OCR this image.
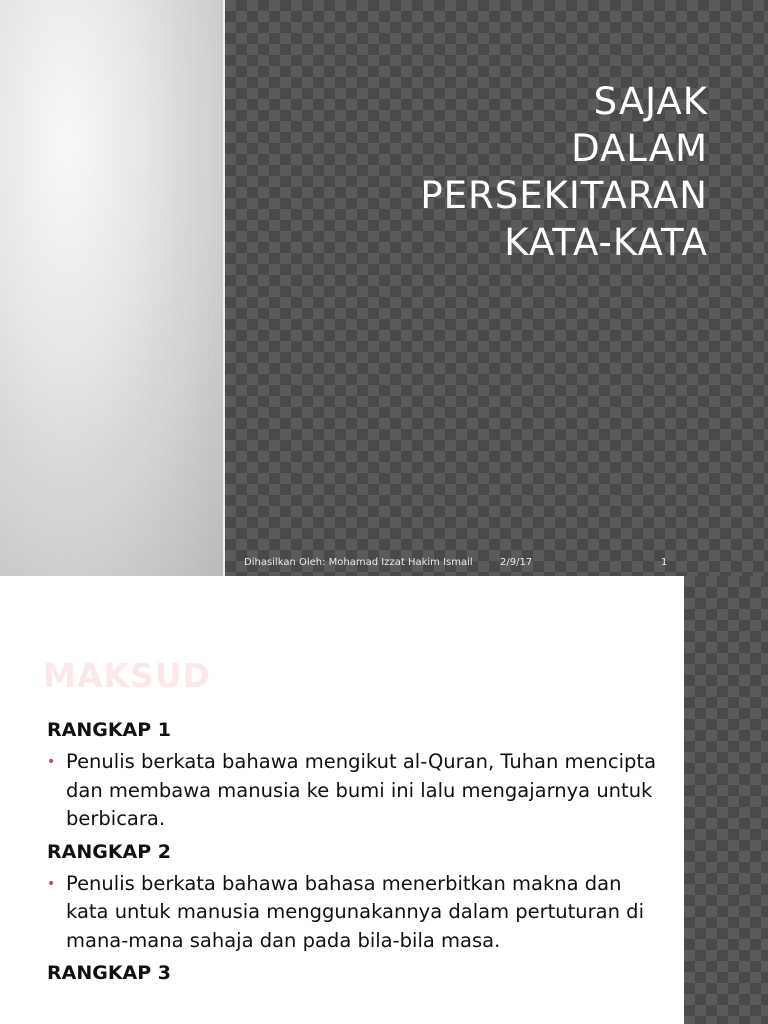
SAJAK
DALAM
PERSEKITARAN
KATA-KATA
Dihasilkan Oleh: Mohamad Izzat Hakim Ismail	2/9/17	1
MAKSUD

RANGKAP 1

• Penulis berkata bahawa mengikut al-Quran, Tuhan mencipta dan membawa manusia ke bumi ini lalu mengajarnya untuk berbicara.

RANGKAP 2

• Penulis berkata bahawa bahasa menerbitkan makna dan kata untuk manusia menggunakannya dalam pertuturan di mana-mana sahaja dan pada bila-bila masa.

RANGKAP 3
